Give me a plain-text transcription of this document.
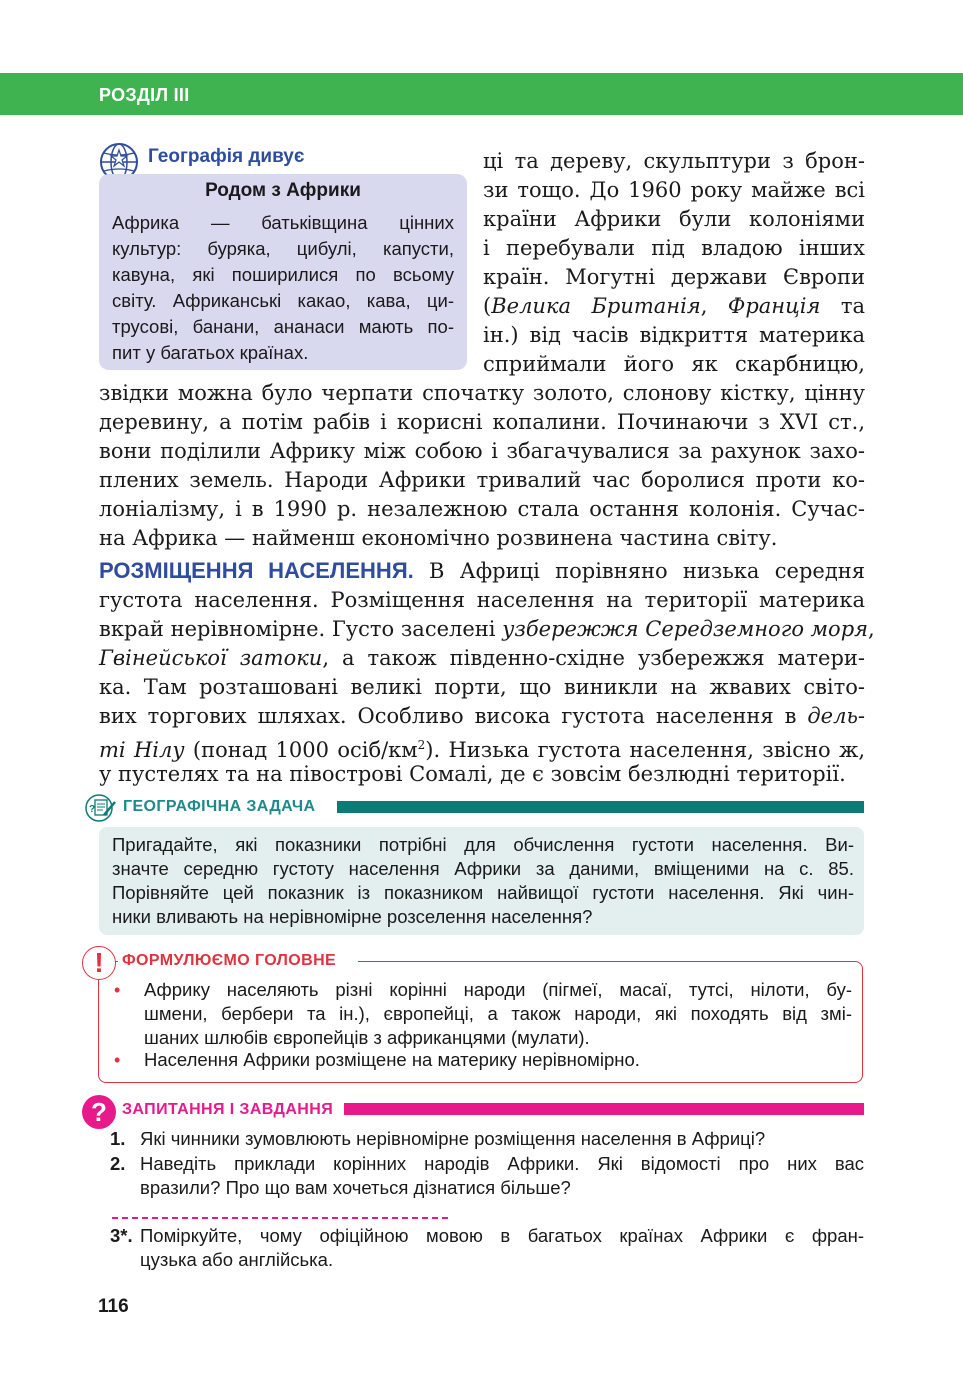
РОЗДІЛ ІІІ
Географія дивує
Родом з Африки
Африка — батьківщина цінних
культур: буряка, цибулі, капусти,
кавуна, які поширилися по всьому
світу. Африканські какао, кава, ци-
трусові, банани, ананаси мають по-
пит у багатьох країнах.
ці та дереву, скульптури з брон-
зи тощо. До 1960 року майже всі
країни Африки були колоніями
і перебували під владою інших
країн. Могутні держави Європи
(Велика Британія, Франція та
ін.) від часів відкриття материка
сприймали його як скарбницю,
звідки можна було черпати спочатку золото, слонову кістку, цінну
деревину, а потім рабів і корисні копалини. Починаючи з XVI ст.,
вони поділили Африку між собою і збагачувалися за рахунок захо-
плених земель. Народи Африки тривалий час боролися проти ко-
лоніалізму, і в 1990 р. незалежною стала остання колонія. Сучас-
на Африка — найменш економічно розвинена частина світу.
РОЗМІЩЕННЯ НАСЕЛЕННЯ. В Африці порівняно низька середня
густота населення. Розміщення населення на території материка
вкрай нерівномірне. Густо заселені узбережжя Середземного моря,
Гвінейської затоки, а також південно-східне узбережжя матери-
ка. Там розташовані великі порти, що виникли на жвавих світо-
вих торгових шляхах. Особливо висока густота населення в дель-
ті Нілу (понад 1000 осіб/$км^2$). Низька густота населення, звісно ж,
у пустелях та на півострові Сомалі, де є зовсім безлюдні території.
? ГЕОГРАФІЧНА ЗАДАЧА
Пригадайте, які показники потрібні для обчислення густоти населення. Ви-
значте середню густоту населення Африки за даними, вміщеними на с. 85.
Порівняйте цей показник із показником найвищої густоти населення. Які чин-
ники вливають на нерівномірне розселення населення?
!	ФОРМУЛЮЄМО ГОЛОВНЕ
• Африку населяють різні корінні народи (пігмеї, масаї, тутсі, нілоти, бу-
шмени, бербери та ін.), європейці, а також народи, які походять від змі-
шаних шлюбів європейців з африканцями (мулати).
• Населення Африки розміщене на материку нерівномірно.
? ЗАПИТАННЯ І ЗАВДАННЯ
1. Які чинники зумовлюють нерівномірне розміщення населення в Африці?
2. Наведіть приклади корінних народів Африки. Які відомості про них вас
вразили? Про що вам хочеться дізнатися більше?
3*. Поміркуйте, чому офіційною мовою в багатьох країнах Африки є фран-
цузька або англійська.
116
